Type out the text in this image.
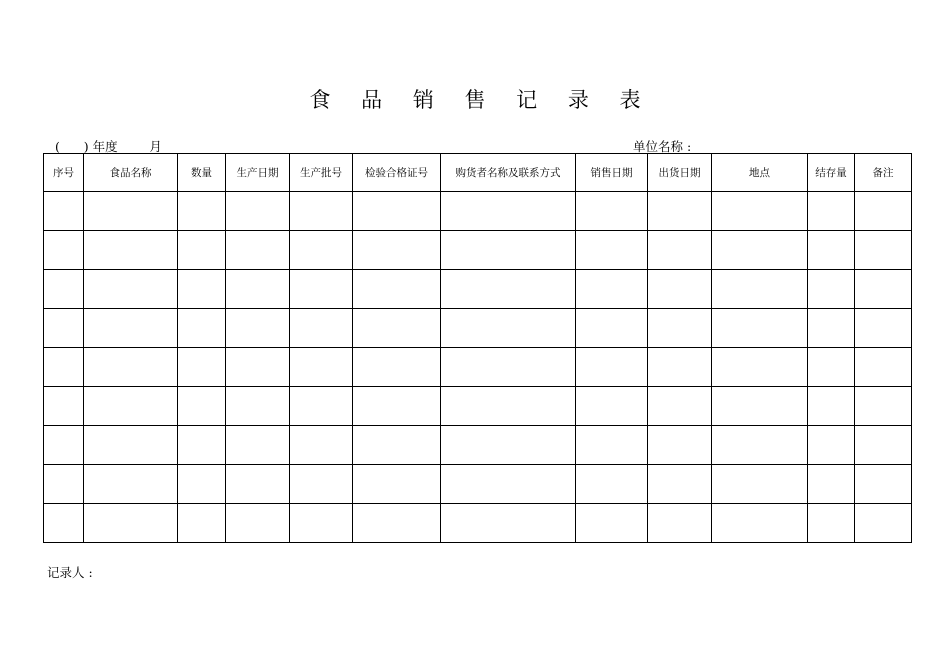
食 品 销 售 记 录 表
(      ) 年度        月	单位名称 :
序号	食品名称	数量	生产日期	生产批号	检验合格证号	购货者名称及联系方式	销售日期	出货日期	地点	结存量	备注

记录人 :
